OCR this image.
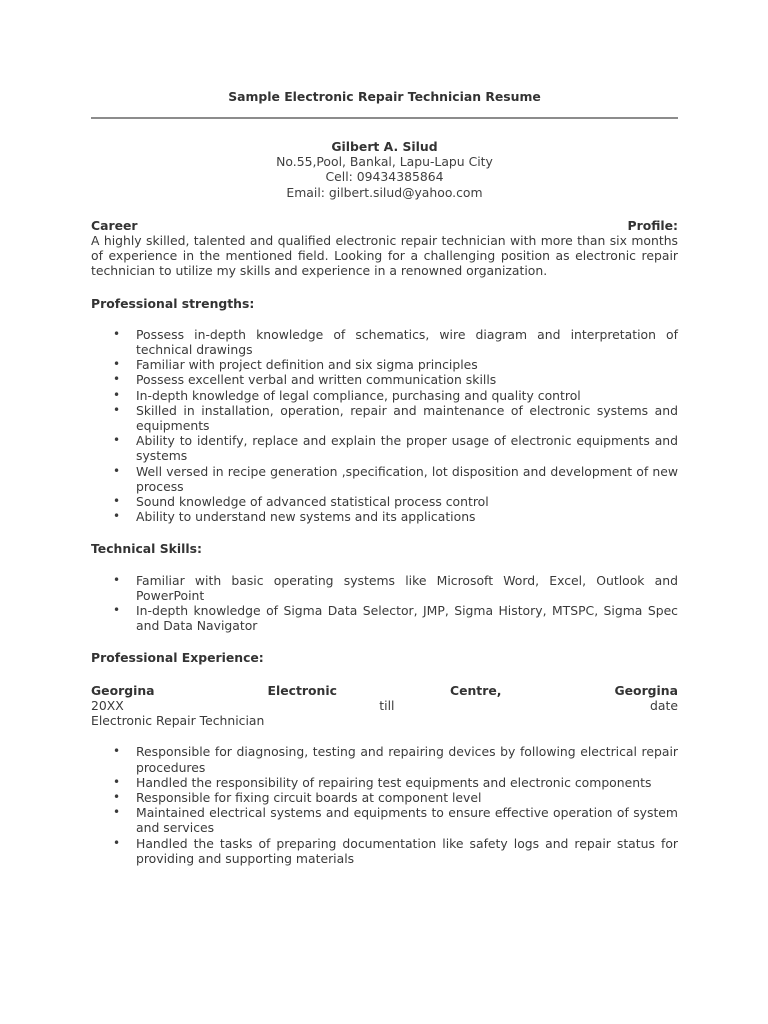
Sample Electronic Repair Technician Resume
Gilbert A. Silud
No.55,Pool, Bankal, Lapu-Lapu City
Cell: 09434385864
Email: gilbert.silud@yahoo.com
Career	Profile:
A highly skilled, talented and qualified electronic repair technician with more than six months of experience in the mentioned field. Looking for a challenging position as electronic repair technician to utilize my skills and experience in a renowned organization.
Professional strengths:
• Possess in-depth knowledge of schematics, wire diagram and interpretation of technical drawings
• Familiar with project definition and six sigma principles
• Possess excellent verbal and written communication skills
• In-depth knowledge of legal compliance, purchasing and quality control
• Skilled in installation, operation, repair and maintenance of electronic systems and equipments
• Ability to identify, replace and explain the proper usage of electronic equipments and systems
• Well versed in recipe generation ,specification, lot disposition and development of new process
• Sound knowledge of advanced statistical process control
• Ability to understand new systems and its applications
Technical Skills:
• Familiar with basic operating systems like Microsoft Word, Excel, Outlook and PowerPoint
• In-depth knowledge of Sigma Data Selector, JMP, Sigma History, MTSPC, Sigma Spec and Data Navigator
Professional Experience:
Georgina	Electronic	Centre,	Georgina
20XX	till	date
Electronic Repair Technician
• Responsible for diagnosing, testing and repairing devices by following electrical repair procedures
• Handled the responsibility of repairing test equipments and electronic components
• Responsible for fixing circuit boards at component level
• Maintained electrical systems and equipments to ensure effective operation of system and services
• Handled the tasks of preparing documentation like safety logs and repair status for providing and supporting materials
